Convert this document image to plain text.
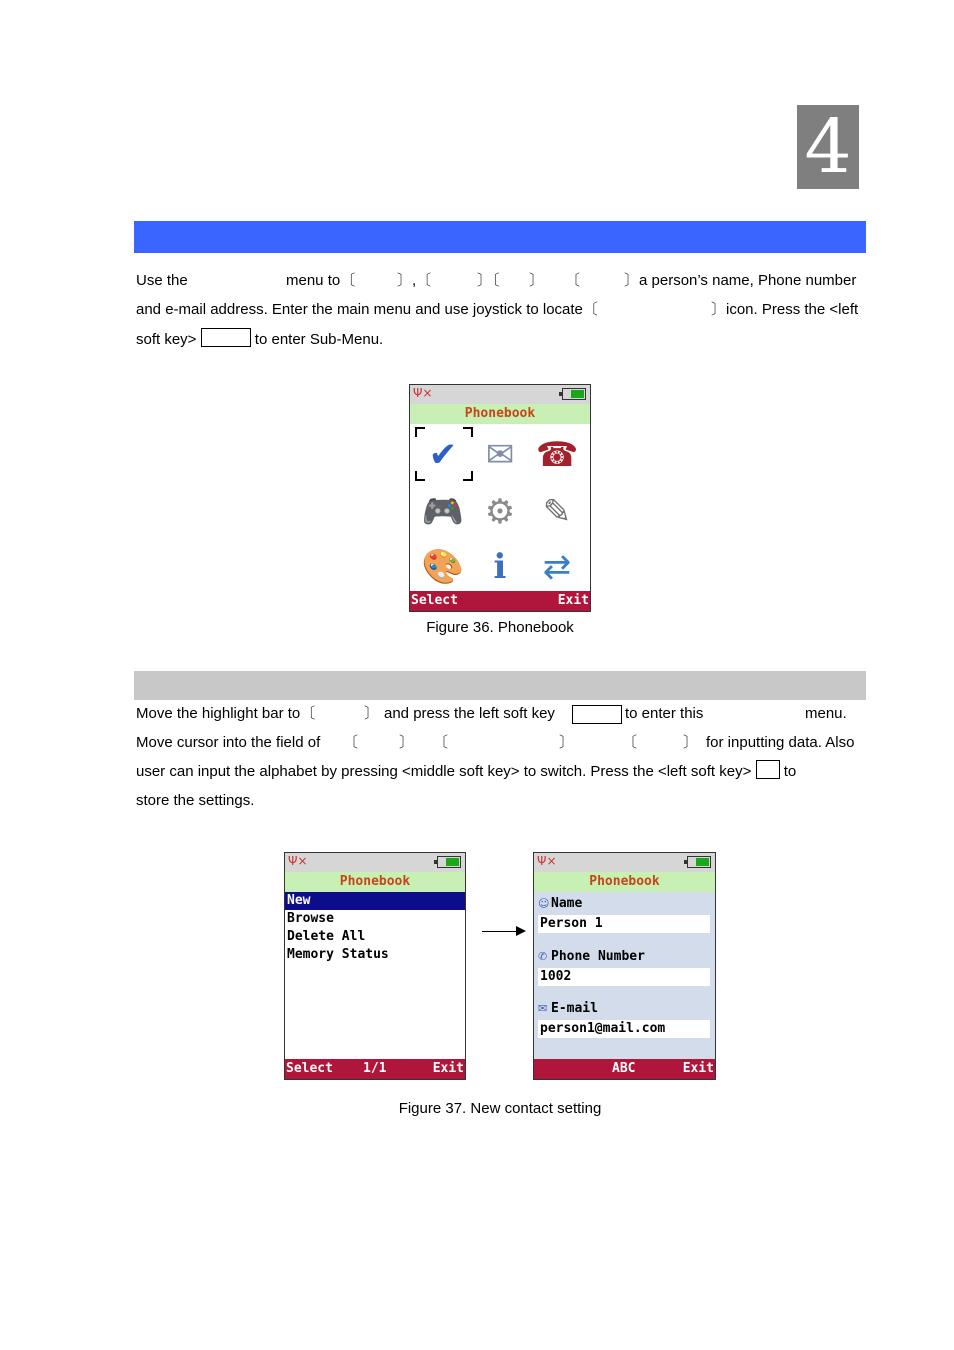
4
Use the	menu to〔	〕,〔	〕〔 〕 〔	〕a person’s name, Phone number
and e-mail address. Enter the main menu and use joystick to locate〔	〕icon. Press the <left
soft key>	to enter Sub-Menu.
Ψ×
Phonebook
✔ ✉ ☎
🎮 ⚙ ✎
🎨 ℹ	⇄
Select	Exit
Figure 36. Phonebook
Move the highlight bar to〔	〕 and press the left soft key	to enter this	menu.
Move cursor into the field of 〔	〕 〔	〕	〔	〕 for inputting data. Also
user can input the alphabet by pressing <middle soft key> to switch. Press the <left soft key> to
store the settings.
Ψ×
Phonebook
New
Browse
Delete All
Memory Status
Select 1/1	Exit
Ψ×
Phonebook
☺ Name
Person 1
✆ Phone Number
1002
✉ E-mail
person1@mail.com
ABC	Exit
Figure 37. New contact setting
